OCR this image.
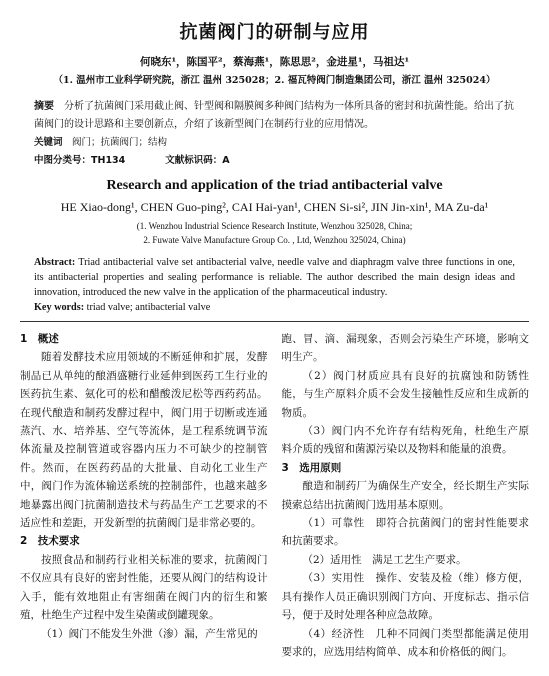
抗菌阀门的研制与应用
何晓东¹，陈国平²，蔡海燕¹，陈思思²，金进星¹，马祖达¹
（1. 温州市工业科学研究院，浙江 温州 325028；2. 福瓦特阀门制造集团公司，浙江 温州 325024）
摘要　 分析了抗菌阀门采用截止阀、针型阀和隔膜阀多种阀门结构为一体所具备的密封和抗菌性能。给出了抗菌阀门的设计思路和主要创新点，介绍了该新型阀门在制药行业的应用情况。
关键词　 阀门；抗菌阀门；结构
中图分类号：TH134	文献标识码：A
Research and application of the triad antibacterial valve
HE Xiao-dong¹, CHEN Guo-ping², CAI Hai-yan¹, CHEN Si-si², JIN Jin-xin¹, MA Zu-da¹
(1. Wenzhou Industrial Science Research Institute, Wenzhou 325028, China;
2. Fuwate Valve Manufacture Group Co. , Ltd, Wenzhou 325024, China)
Abstract: Triad antibacterial valve set antibacterial valve, needle valve and diaphragm valve three functions in one, its antibacterial properties and sealing performance is reliable. The author described the main design ideas and innovation, introduced the new valve in the application of the pharmaceutical industry.
Key words: triad valve; antibacterial valve
1　概述

随着发酵技术应用领域的不断延伸和扩展，发酵制品已从单纯的酿酒盛糖行业延伸到医药工生行业的医药抗生素、氨化可的松和醋酸泼尼松等西药药品。在现代酿造和制药发酵过程中，阀门用于切断或连通蒸汽、水、培养基、空气等流体，是工程系统调节流体流量及控制管道或容器内压力不可缺少的控制管件。然而，在医药药品的大批量、自动化工业生产中，阀门作为流体输送系统的控制部件，也越来越多地暴露出阀门抗菌制造技术与药品生产工艺要求的不适应性和差距，开发新型的抗菌阀门是非常必要的。

2　技术要求

按照食品和制药行业相关标准的要求，抗菌阀门不仅应具有良好的密封性能，还要从阀门的结构设计入手，能有效地阻止有害细菌在阀门内的衍生和繁殖，杜绝生产过程中发生染菌或倒罐现象。

（1）阀门不能发生外泄（渗）漏，产生常见的

跑、冒、滴、漏现象，否则会污染生产环境，影响文明生产。

（2）阀门材质应具有良好的抗腐蚀和防锈性能，与生产原料介质不会发生接触性反应和生成新的物质。

（3）阀门内不允许存有结构死角，杜绝生产原料介质的残留和菌源污染以及物料和能量的浪费。

3　选用原则

酿造和制药厂为确保生产安全，经长期生产实际摸索总结出抗菌阀门选用基本原则。

（1）可靠性　即符合抗菌阀门的密封性能要求和抗菌要求。

（2）适用性　满足工艺生产要求。

（3）实用性　操作、安装及检（维）修方便，具有操作人员正确识别阀门方向、开度标志、指示信号，便于及时处理各种应急故障。

（4）经济性　几种不同阀门类型都能满足使用要求的，应选用结构简单、成本和价格低的阀门。
